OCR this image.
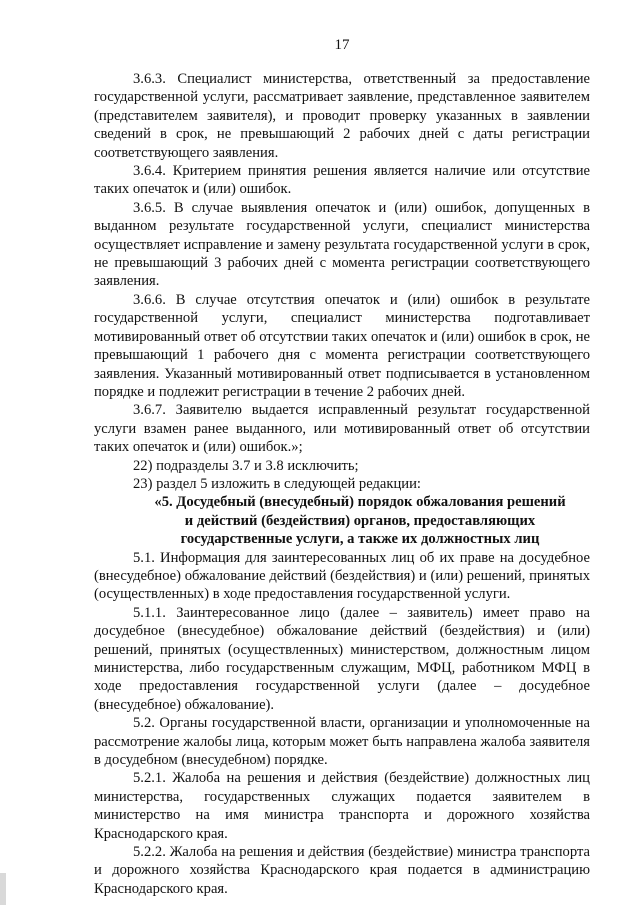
17

3.6.3. Специалист министерства, ответственный за предоставление государственной услуги, рассматривает заявление, представленное заявителем (представителем заявителя), и проводит проверку указанных в заявлении сведений в срок, не превышающий 2 рабочих дней с даты регистрации соответствующего заявления.

3.6.4. Критерием принятия решения является наличие или отсутствие таких опечаток и (или) ошибок.

3.6.5. В случае выявления опечаток и (или) ошибок, допущенных в выданном результате государственной услуги, специалист министерства осуществляет исправление и замену результата государственной услуги в срок, не превышающий 3 рабочих дней с момента регистрации соответствующего заявления.

3.6.6. В случае отсутствия опечаток и (или) ошибок в результате государственной услуги, специалист министерства подготавливает мотивированный ответ об отсутствии таких опечаток и (или) ошибок в срок, не превышающий 1 рабочего дня с момента регистрации соответствующего заявления. Указанный мотивированный ответ подписывается в установленном порядке и подлежит регистрации в течение 2 рабочих дней.

3.6.7. Заявителю выдается исправленный результат государственной услуги взамен ранее выданного, или мотивированный ответ об отсутствии таких опечаток и (или) ошибок.»;

22) подразделы 3.7 и 3.8 исключить;

23) раздел 5 изложить в следующей редакции:

«5. Досудебный (внесудебный) порядок обжалования решений
и действий (бездействия) органов, предоставляющих
государственные услуги, а также их должностных лиц

5.1. Информация для заинтересованных лиц об их праве на досудебное (внесудебное) обжалование действий (бездействия) и (или) решений, принятых (осуществленных) в ходе предоставления государственной услуги.

5.1.1. Заинтересованное лицо (далее – заявитель) имеет право на досудебное (внесудебное) обжалование действий (бездействия) и (или) решений, принятых (осуществленных) министерством, должностным лицом министерства, либо государственным служащим, МФЦ, работником МФЦ в ходе предоставления государственной услуги (далее – досудебное (внесудебное) обжалование).

5.2. Органы государственной власти, организации и уполномоченные на рассмотрение жалобы лица, которым может быть направлена жалоба заявителя в досудебном (внесудебном) порядке.

5.2.1. Жалоба на решения и действия (бездействие) должностных лиц министерства, государственных служащих подается заявителем в министерство на имя министра транспорта и дорожного хозяйства Краснодарского края.

5.2.2. Жалоба на решения и действия (бездействие) министра транспорта и дорожного хозяйства Краснодарского края подается в администрацию Краснодарского края.
